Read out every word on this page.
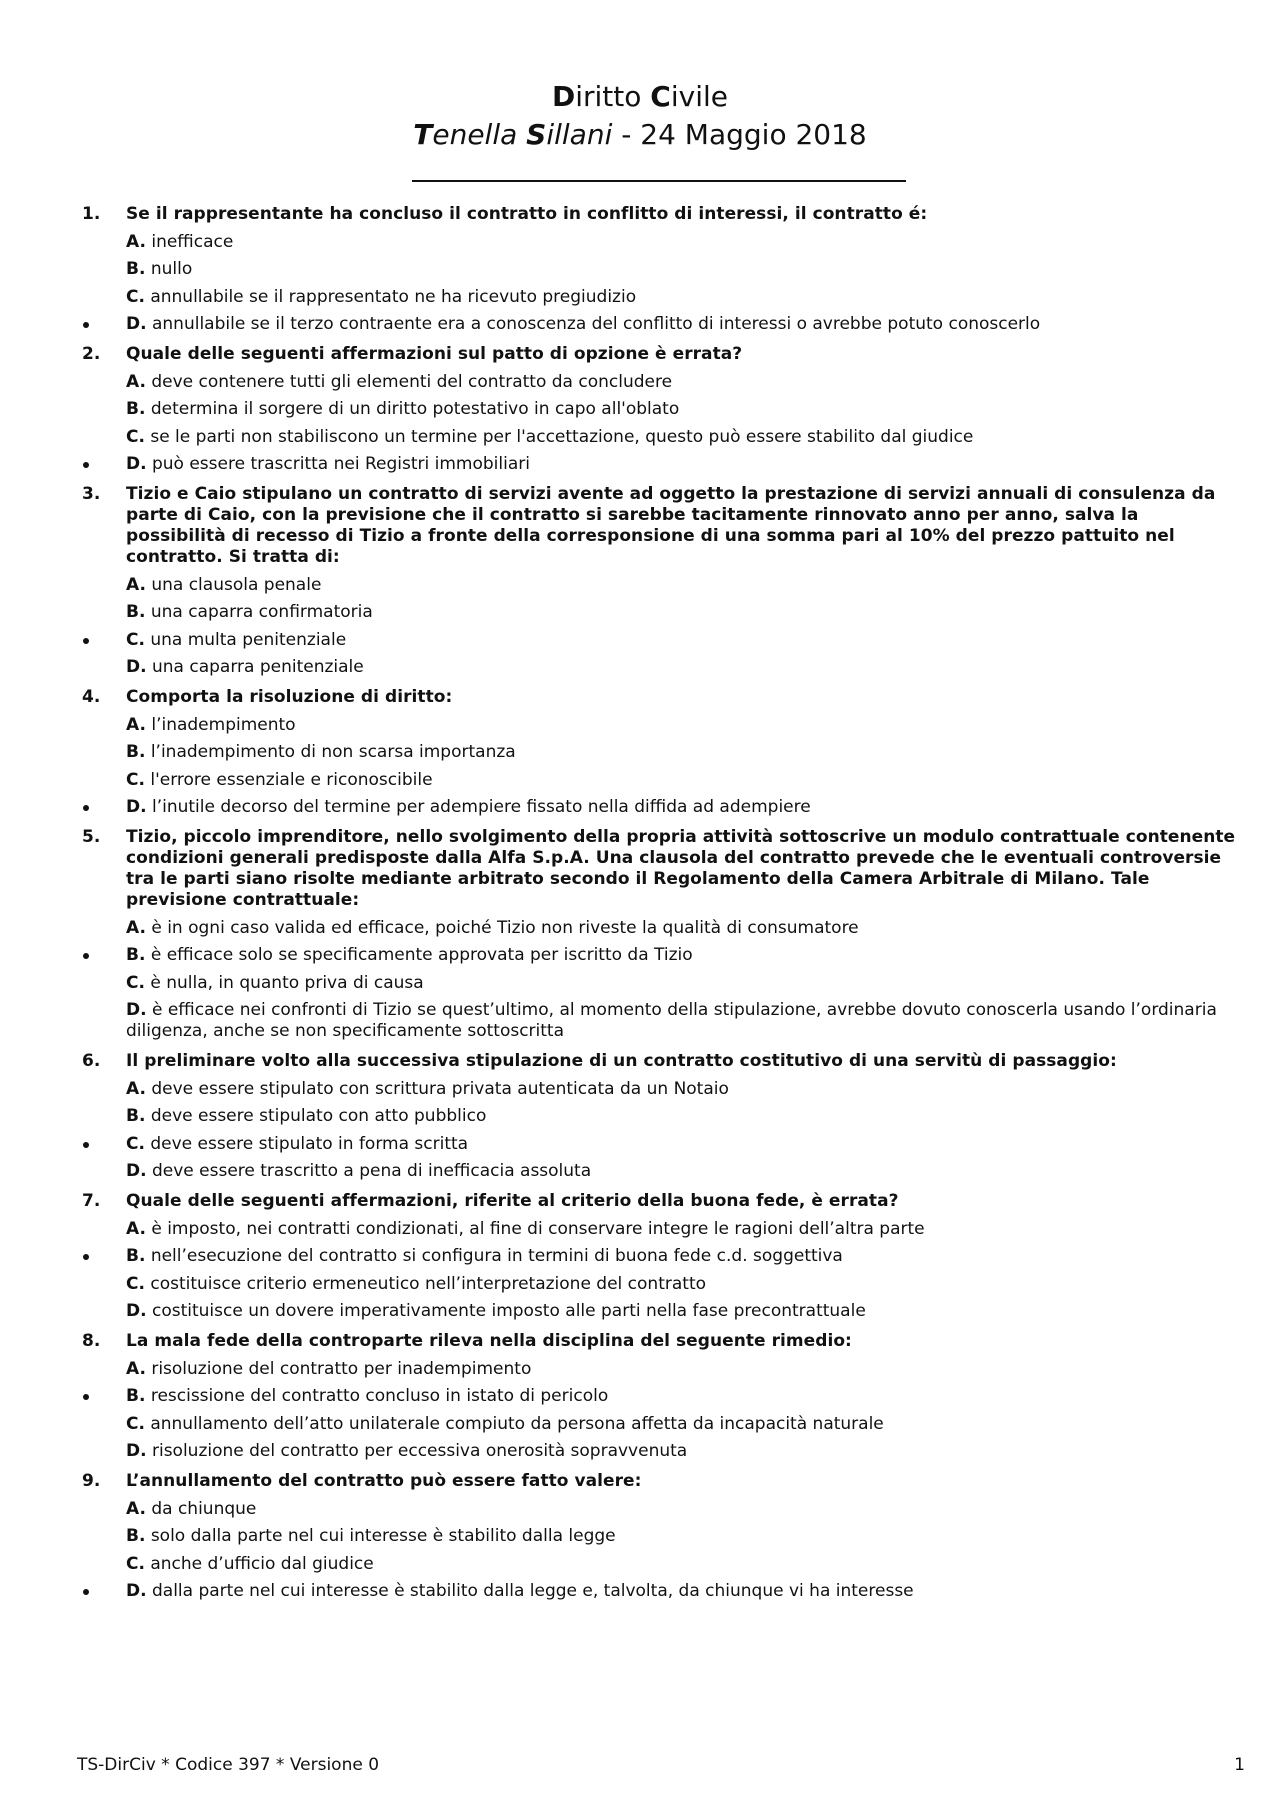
Diritto Civile
Tenella Sillani - 24 Maggio 2018
1.	Se il rappresentante ha concluso il contratto in conflitto di interessi, il contratto é:
A. inefficace
B. nullo
C. annullabile se il rappresentato ne ha ricevuto pregiudizio
D. annullabile se il terzo contraente era a conoscenza del conflitto di interessi o avrebbe potuto conoscerlo
2.	Quale delle seguenti affermazioni sul patto di opzione è errata?
A. deve contenere tutti gli elementi del contratto da concludere
B. determina il sorgere di un diritto potestativo in capo all'oblato
C. se le parti non stabiliscono un termine per l'accettazione, questo può essere stabilito dal giudice
D. può essere trascritta nei Registri immobiliari
3.	Tizio e Caio stipulano un contratto di servizi avente ad oggetto la prestazione di servizi annuali di consulenza da parte di Caio, con la previsione che il contratto si sarebbe tacitamente rinnovato anno per anno, salva la possibilità di recesso di Tizio a fronte della corresponsione di una somma pari al 10% del prezzo pattuito nel contratto. Si tratta di:
A. una clausola penale
B. una caparra confirmatoria
C. una multa penitenziale
D. una caparra penitenziale
4.	Comporta la risoluzione di diritto:
A. l’inadempimento
B. l’inadempimento di non scarsa importanza
C. l'errore essenziale e riconoscibile
D. l’inutile decorso del termine per adempiere fissato nella diffida ad adempiere
5.	Tizio, piccolo imprenditore, nello svolgimento della propria attività sottoscrive un modulo contrattuale contenente condizioni generali predisposte dalla Alfa S.p.A. Una clausola del contratto prevede che le eventuali controversie tra le parti siano risolte mediante arbitrato secondo il Regolamento della Camera Arbitrale di Milano. Tale previsione contrattuale:
A. è in ogni caso valida ed efficace, poiché Tizio non riveste la qualità di consumatore
B. è efficace solo se specificamente approvata per iscritto da Tizio
C. è nulla, in quanto priva di causa
D. è efficace nei confronti di Tizio se quest’ultimo, al momento della stipulazione, avrebbe dovuto conoscerla usando l’ordinaria diligenza, anche se non specificamente sottoscritta
6.	Il preliminare volto alla successiva stipulazione di un contratto costitutivo di una servitù di passaggio:
A. deve essere stipulato con scrittura privata autenticata da un Notaio
B. deve essere stipulato con atto pubblico
C. deve essere stipulato in forma scritta
D. deve essere trascritto a pena di inefficacia assoluta
7.	Quale delle seguenti affermazioni, riferite al criterio della buona fede, è errata?
A. è imposto, nei contratti condizionati, al fine di conservare integre le ragioni dell’altra parte
B. nell’esecuzione del contratto si configura in termini di buona fede c.d. soggettiva
C. costituisce criterio ermeneutico nell’interpretazione del contratto
D. costituisce un dovere imperativamente imposto alle parti nella fase precontrattuale
8.	La mala fede della controparte rileva nella disciplina del seguente rimedio:
A. risoluzione del contratto per inadempimento
B. rescissione del contratto concluso in istato di pericolo
C. annullamento dell’atto unilaterale compiuto da persona affetta da incapacità naturale
D. risoluzione del contratto per eccessiva onerosità sopravvenuta
9.	L’annullamento del contratto può essere fatto valere:
A. da chiunque
B. solo dalla parte nel cui interesse è stabilito dalla legge
C. anche d’ufficio dal giudice
D. dalla parte nel cui interesse è stabilito dalla legge e, talvolta, da chiunque vi ha interesse
TS-DirCiv * Codice 397 * Versione 0	1
